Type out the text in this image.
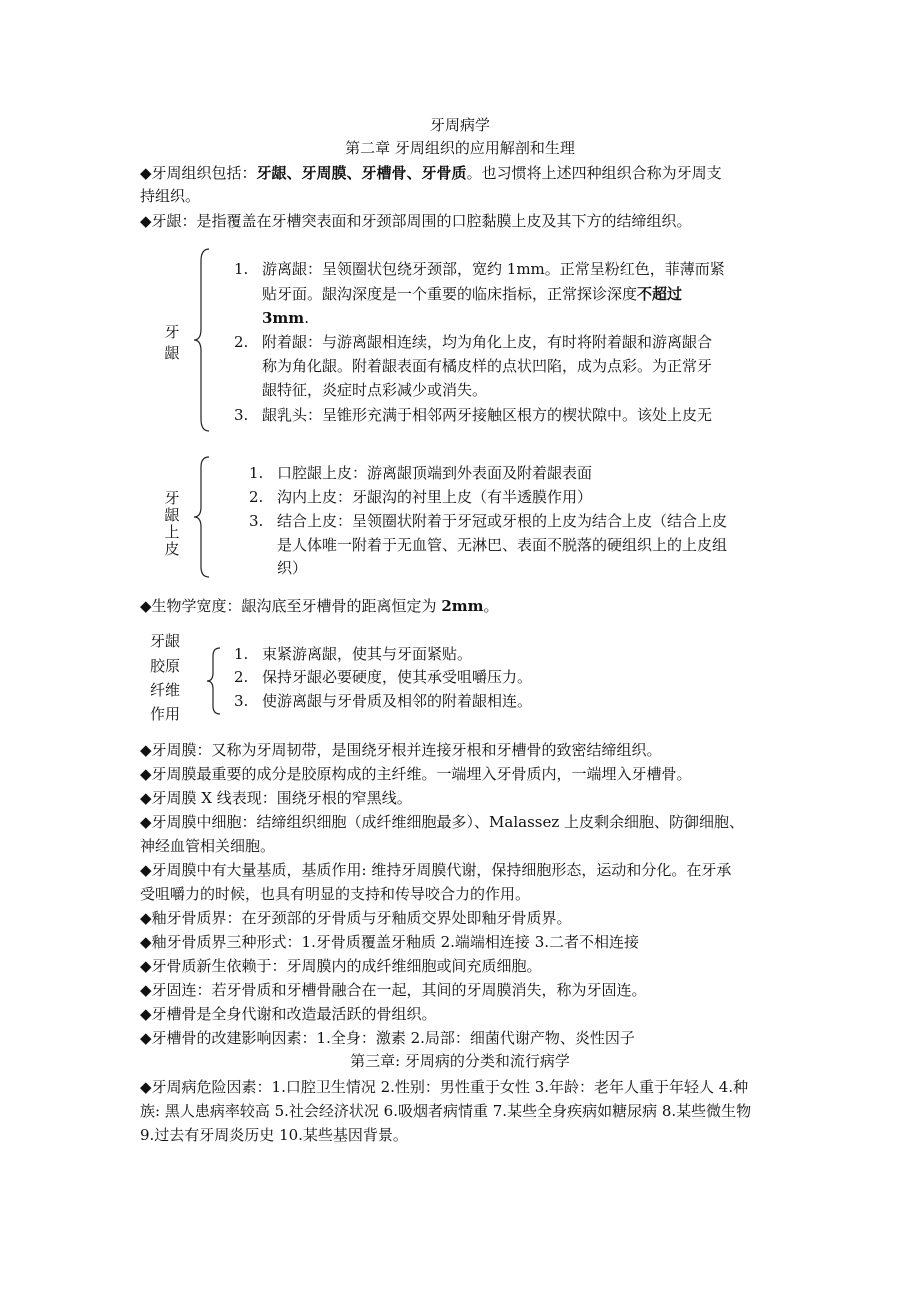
牙周病学
第二章 牙周组织的应用解剖和生理
◆牙周组织包括：牙龈、牙周膜、牙槽骨、牙骨质。也习惯将上述四种组织合称为牙周支
持组织。
◆牙龈：是指覆盖在牙槽突表面和牙颈部周围的口腔黏膜上皮及其下方的结缔组织。
牙
龈
1. 游离龈：呈领圈状包绕牙颈部，宽约 1mm。正常呈粉红色，菲薄而紧
贴牙面。龈沟深度是一个重要的临床指标，正常探诊深度不超过
3mm.
2. 附着龈：与游离龈相连续，均为角化上皮，有时将附着龈和游离龈合
称为角化龈。附着龈表面有橘皮样的点状凹陷，成为点彩。为正常牙
龈特征，炎症时点彩减少或消失。
3. 龈乳头：呈锥形充满于相邻两牙接触区根方的楔状隙中。该处上皮无
牙
龈
上
皮
1. 口腔龈上皮：游离龈顶端到外表面及附着龈表面
2. 沟内上皮：牙龈沟的衬里上皮（有半透膜作用）
3. 结合上皮：呈领圈状附着于牙冠或牙根的上皮为结合上皮（结合上皮
是人体唯一附着于无血管、无淋巴、表面不脱落的硬组织上的上皮组
织）
◆生物学宽度：龈沟底至牙槽骨的距离恒定为 2mm。
牙龈
胶原
纤维
作用
1. 束紧游离龈，使其与牙面紧贴。
2. 保持牙龈必要硬度，使其承受咀嚼压力。
3. 使游离龈与牙骨质及相邻的附着龈相连。
◆牙周膜：又称为牙周韧带，是围绕牙根并连接牙根和牙槽骨的致密结缔组织。
◆牙周膜最重要的成分是胶原构成的主纤维。一端埋入牙骨质内，一端埋入牙槽骨。
◆牙周膜 X 线表现：围绕牙根的窄黑线。
◆牙周膜中细胞：结缔组织细胞（成纤维细胞最多）、Malassez 上皮剩余细胞、防御细胞、
神经血管相关细胞。
◆牙周膜中有大量基质，基质作用: 维持牙周膜代谢，保持细胞形态，运动和分化。在牙承
受咀嚼力的时候，也具有明显的支持和传导咬合力的作用。
◆釉牙骨质界：在牙颈部的牙骨质与牙釉质交界处即釉牙骨质界。
◆釉牙骨质界三种形式：1.牙骨质覆盖牙釉质 2.端端相连接 3.二者不相连接
◆牙骨质新生依赖于：牙周膜内的成纤维细胞或间充质细胞。
◆牙固连：若牙骨质和牙槽骨融合在一起，其间的牙周膜消失，称为牙固连。
◆牙槽骨是全身代谢和改造最活跃的骨组织。
◆牙槽骨的改建影响因素：1.全身：激素 2.局部：细菌代谢产物、炎性因子
第三章: 牙周病的分类和流行病学
◆牙周病危险因素：1.口腔卫生情况 2.性别：男性重于女性 3.年龄：老年人重于年轻人 4.种
族: 黑人患病率较高 5.社会经济状况 6.吸烟者病情重 7.某些全身疾病如糖尿病 8.某些微生物
9.过去有牙周炎历史 10.某些基因背景。
